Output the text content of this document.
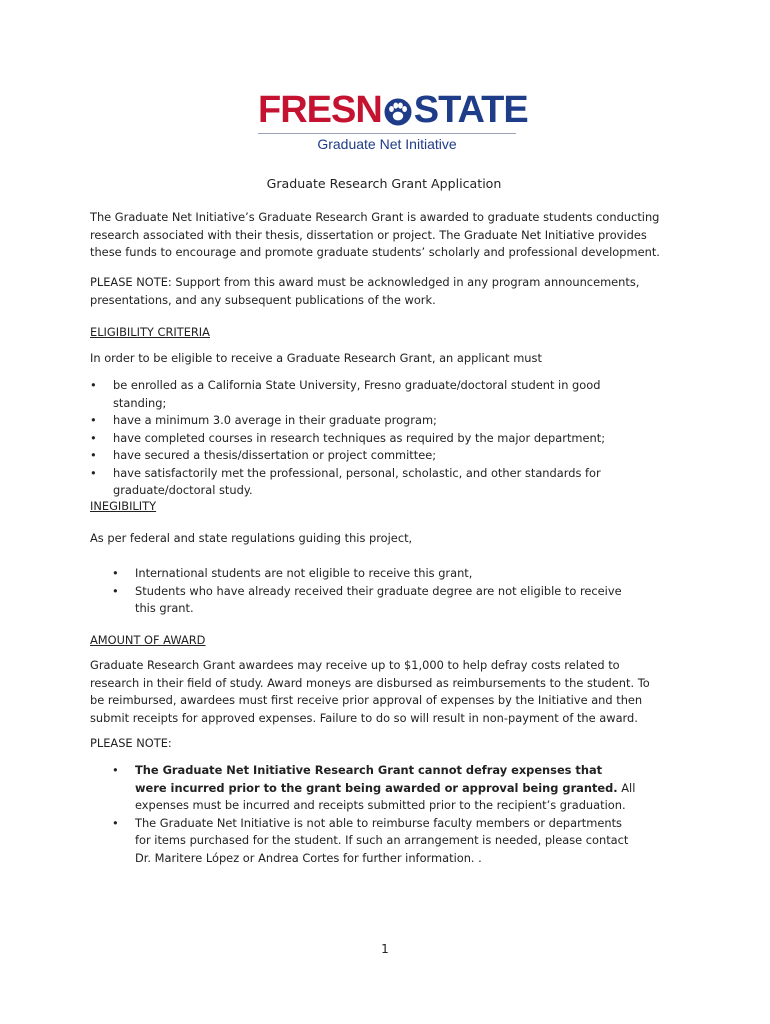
FRESN STATE
Graduate Net Initiative
Graduate Research Grant Application

The Graduate Net Initiative’s Graduate Research Grant is awarded to graduate students conducting research associated with their thesis, dissertation or project. The Graduate Net Initiative provides these funds to encourage and promote graduate students’ scholarly and professional development.

PLEASE NOTE: Support from this award must be acknowledged in any program announcements, presentations, and any subsequent publications of the work.

ELIGIBILITY CRITERIA

In order to be eligible to receive a Graduate Research Grant, an applicant must

• be enrolled as a California State University, Fresno graduate/doctoral student in good standing;
• have a minimum 3.0 average in their graduate program;
• have completed courses in research techniques as required by the major department;
• have secured a thesis/dissertation or project committee;
• have satisfactorily met the professional, personal, scholastic, and other standards for graduate/doctoral study.
INEGIBILITY

As per federal and state regulations guiding this project,

• International students are not eligible to receive this grant,
• Students who have already received their graduate degree are not eligible to receive this grant.
AMOUNT OF AWARD

Graduate Research Grant awardees may receive up to $1,000 to help defray costs related to research in their field of study. Award moneys are disbursed as reimbursements to the student. To be reimbursed, awardees must first receive prior approval of expenses by the Initiative and then submit receipts for approved expenses. Failure to do so will result in non-payment of the award.

PLEASE NOTE:

• The Graduate Net Initiative Research Grant cannot defray expenses that were incurred prior to the grant being awarded or approval being granted. All expenses must be incurred and receipts submitted prior to the recipient’s graduation.
• The Graduate Net Initiative is not able to reimburse faculty members or departments for items purchased for the student. If such an arrangement is needed, please contact Dr. Maritere López or Andrea Cortes for further information. .
1
